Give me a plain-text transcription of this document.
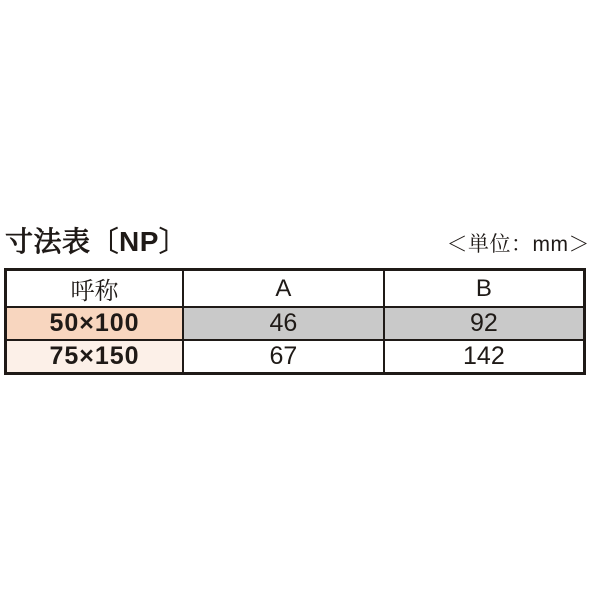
寸法表〔NP〕	＜単位：mm＞
呼称	A	B
50×100	46	92
75×150	67	142
